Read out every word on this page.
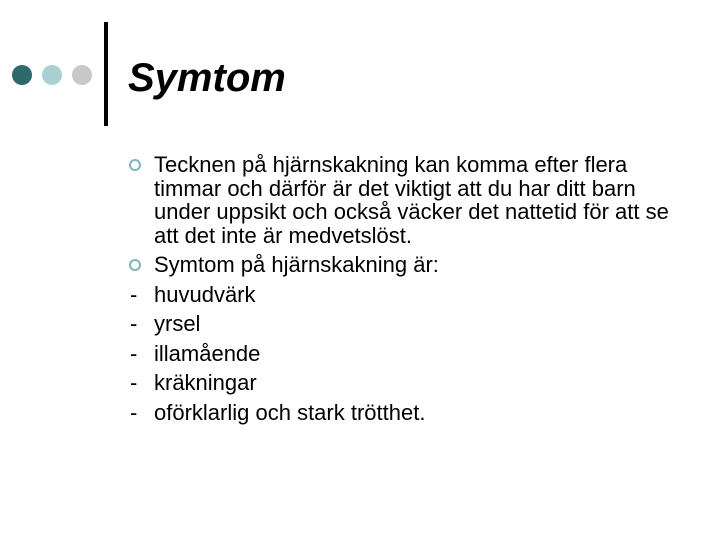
Symtom
Tecknen på hjärnskakning kan komma efter flera timmar och därför är det viktigt att du har ditt barn under uppsikt och också väcker det nattetid för att se att det inte är medvetslöst.
Symtom på hjärnskakning är:
- huvudvärk
- yrsel
- illamående
- kräkningar
- oförklarlig och stark trötthet.
